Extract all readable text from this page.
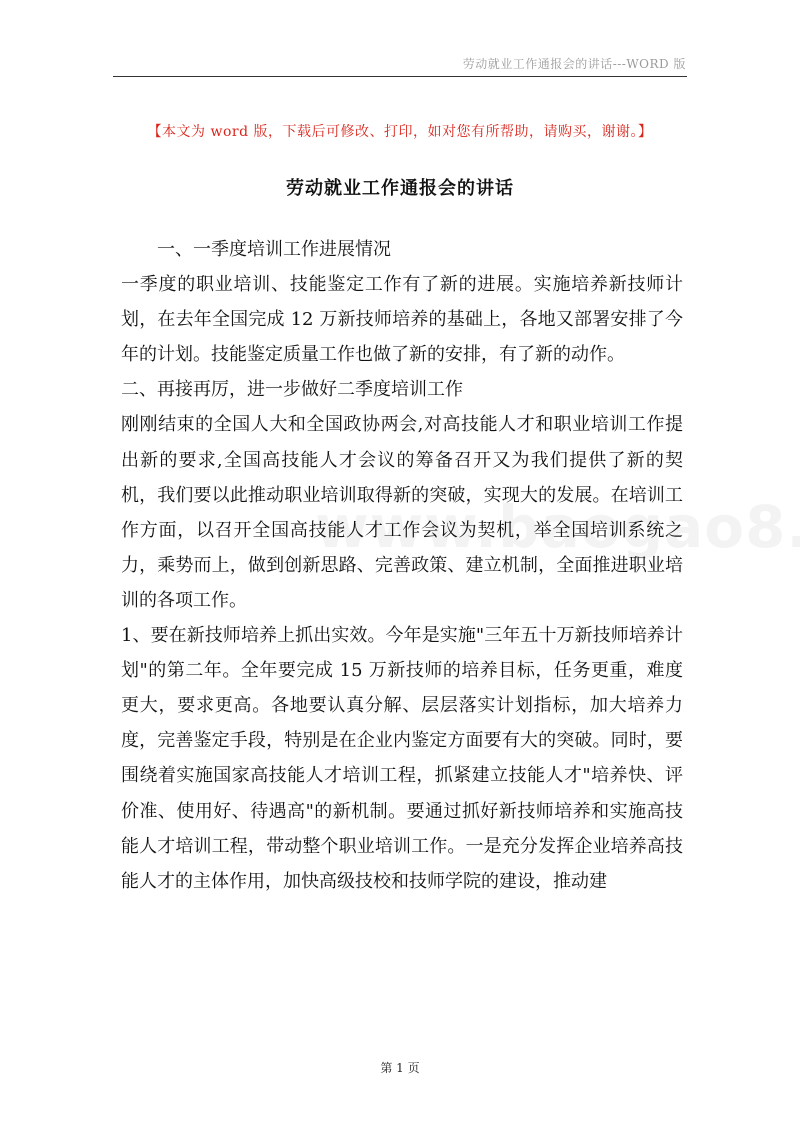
劳动就业工作通报会的讲话---WORD 版
【本文为 word 版，下载后可修改、打印，如对您有所帮助，请购买，谢谢。】
劳动就业工作通报会的讲话

一、一季度培训工作进展情况

一季度的职业培训、技能鉴定工作有了新的进展。实施培养新技师计划，在去年全国完成 12 万新技师培养的基础上，各地又部署安排了今年的计划。技能鉴定质量工作也做了新的安排，有了新的动作。

二、再接再厉，进一步做好二季度培训工作

刚刚结束的全国人大和全国政协两会,对高技能人才和职业培训工作提出新的要求,全国高技能人才会议的筹备召开又为我们提供了新的契机，我们要以此推动职业培训取得新的突破，实现大的发展。在培训工作方面，以召开全国高技能人才工作会议为契机，举全国培训系统之力，乘势而上，做到创新思路、完善政策、建立机制，全面推进职业培训的各项工作。

1、要在新技师培养上抓出实效。今年是实施"三年五十万新技师培养计划"的第二年。全年要完成 15 万新技师的培养目标，任务更重，难度更大，要求更高。各地要认真分解、层层落实计划指标，加大培养力度，完善鉴定手段，特别是在企业内鉴定方面要有大的突破。同时，要围绕着实施国家高技能人才培训工程，抓紧建立技能人才"培养快、评价准、使用好、待遇高"的新机制。要通过抓好新技师培养和实施高技能人才培训工程，带动整个职业培训工作。一是充分发挥企业培养高技能人才的主体作用，加快高级技校和技师学院的建设，推动建

第 1 页
